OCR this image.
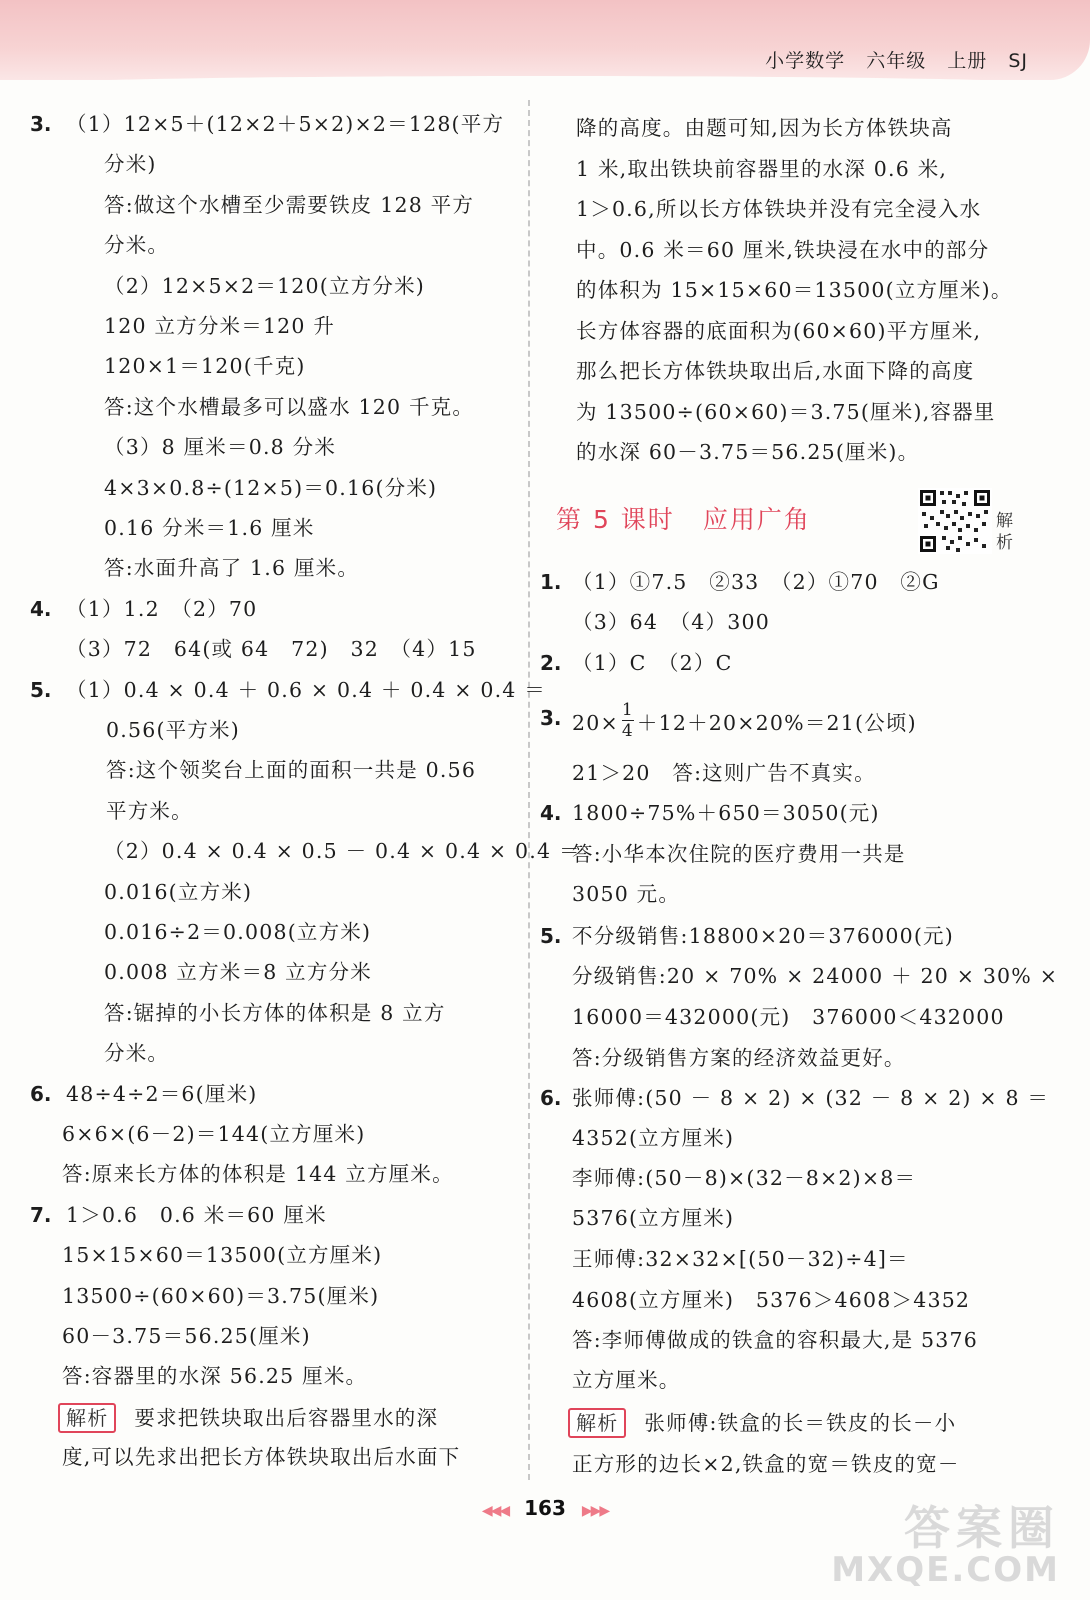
小学数学 六年级 上册 SJ
3. （1）12×5＋(12×2＋5×2)×2＝128(平方
分米)
答:做这个水槽至少需要铁皮 128 平方
分米。
（2）12×5×2＝120(立方分米)
120 立方分米＝120 升
120×1＝120(千克)
答:这个水槽最多可以盛水 120 千克。
（3）8 厘米＝0.8 分米
4×3×0.8÷(12×5)＝0.16(分米)
0.16 分米＝1.6 厘米
答:水面升高了 1.6 厘米。
4. （1）1.2　（2）70
（3）72　64(或 64　72)　32　（4）15
5. （1）0.4 × 0.4 ＋ 0.6 × 0.4 ＋ 0.4 × 0.4 ＝
0.56(平方米)
答:这个领奖台上面的面积一共是 0.56
平方米。
（2）0.4 × 0.4 × 0.5 － 0.4 × 0.4 × 0.4 ＝
0.016(立方米)
0.016÷2＝0.008(立方米)
0.008 立方米＝8 立方分米
答:锯掉的小长方体的体积是 8 立方
分米。
6. 48÷4÷2＝6(厘米)
6×6×(6－2)＝144(立方厘米)
答:原来长方体的体积是 144 立方厘米。
7. 1＞0.6　0.6 米＝60 厘米
15×15×60＝13500(立方厘米)
13500÷(60×60)＝3.75(厘米)
60－3.75＝56.25(厘米)
答:容器里的水深 56.25 厘米。
解析 要求把铁块取出后容器里水的深
度,可以先求出把长方体铁块取出后水面下
降的高度。由题可知,因为长方体铁块高
1 米,取出铁块前容器里的水深 0.6 米,
1＞0.6,所以长方体铁块并没有完全浸入水
中。0.6 米＝60 厘米,铁块浸在水中的部分
的体积为 15×15×60＝13500(立方厘米)。
长方体容器的底面积为(60×60)平方厘米,
那么把长方体铁块取出后,水面下降的高度
为 13500÷(60×60)＝3.75(厘米),容器里
的水深 60－3.75＝56.25(厘米)。
第 5 课时 应用广角	解析
1. （1）①7.5　②33　（2）①70　②G
（3）64　（4）300
2. （1）C　（2）C
3. $20\times \frac{1}{4} +12+20\times 20\%=21$(公顷)
21＞20　答:这则广告不真实。
4. 1800÷75%＋650＝3050(元)
答:小华本次住院的医疗费用一共是
3050 元。
5. 不分级销售:18800×20＝376000(元)
分级销售:20 × 70% × 24000 ＋ 20 × 30% ×
16000＝432000(元)　376000＜432000
答:分级销售方案的经济效益更好。
6. 张师傅:(50 － 8 × 2) × (32 － 8 × 2) × 8 ＝
4352(立方厘米)
李师傅:(50－8)×(32－8×2)×8＝
5376(立方厘米)
王师傅:32×32×[(50－32)÷4]＝
4608(立方厘米)　5376＞4608＞4352
答:李师傅做成的铁盒的容积最大,是 5376
立方厘米。
解析 张师傅:铁盒的长＝铁皮的长－小
正方形的边长×2,铁盒的宽＝铁皮的宽－
◀◀◀ 163 ▶▶▶	答案圈
MXQE.COM
